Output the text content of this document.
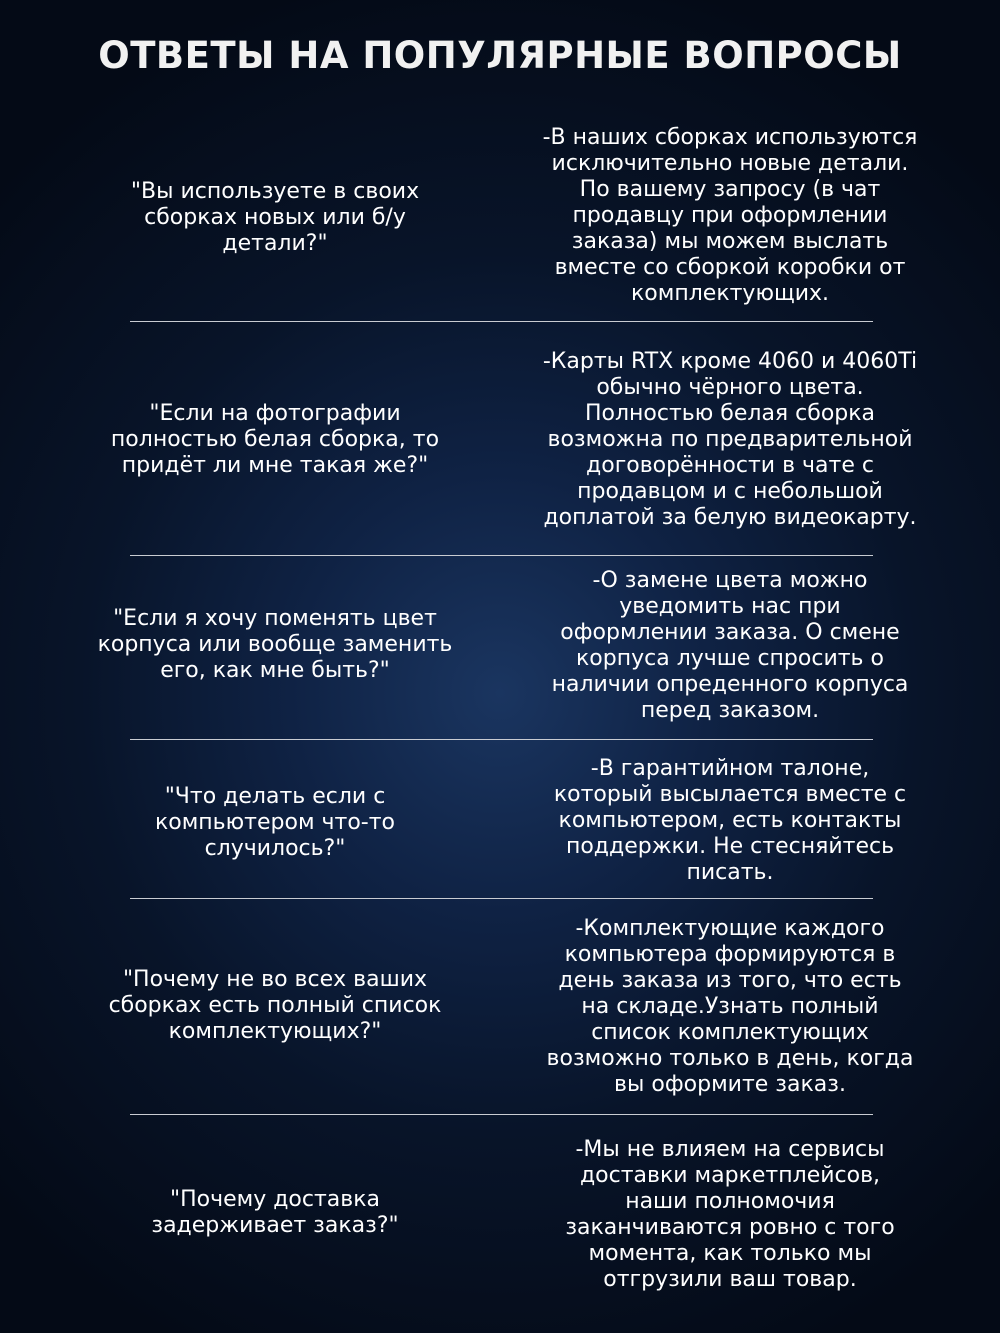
ОТВЕТЫ НА ПОПУЛЯРНЫЕ ВОПРОСЫ
"Вы используете в своих
сборках новых или б/у
детали?"
-В наших сборках используются
исключительно новые детали.
По вашему запросу (в чат
продавцу при оформлении
заказа) мы можем выслать
вместе со сборкой коробки от
комплектующих.
"Если на фотографии
полностью белая сборка, то
придёт ли мне такая же?"
-Карты RTX кроме 4060 и 4060Ti
обычно чёрного цвета.
Полностью белая сборка
возможна по предварительной
договорённости в чате с
продавцом и с небольшой
доплатой за белую видеокарту.
"Если я хочу поменять цвет
корпуса или вообще заменить
его, как мне быть?"
-О замене цвета можно
уведомить нас при
оформлении заказа. О смене
корпуса лучше спросить о
наличии опреденного корпуса
перед заказом.
"Что делать если с
компьютером что-то
случилось?"
-В гарантийном талоне,
который высылается вместе с
компьютером, есть контакты
поддержки. Не стесняйтесь
писать.
"Почему не во всех ваших
сборках есть полный список
комплектующих?"
-Комплектующие каждого
компьютера формируются в
день заказа из того, что есть
на складе.Узнать полный
список комплектующих
возможно только в день, когда
вы оформите заказ.
"Почему доставка
задерживает заказ?"
-Мы не влияем на сервисы
доставки маркетплейсов,
наши полномочия
заканчиваются ровно с того
момента, как только мы
отгрузили ваш товар.
